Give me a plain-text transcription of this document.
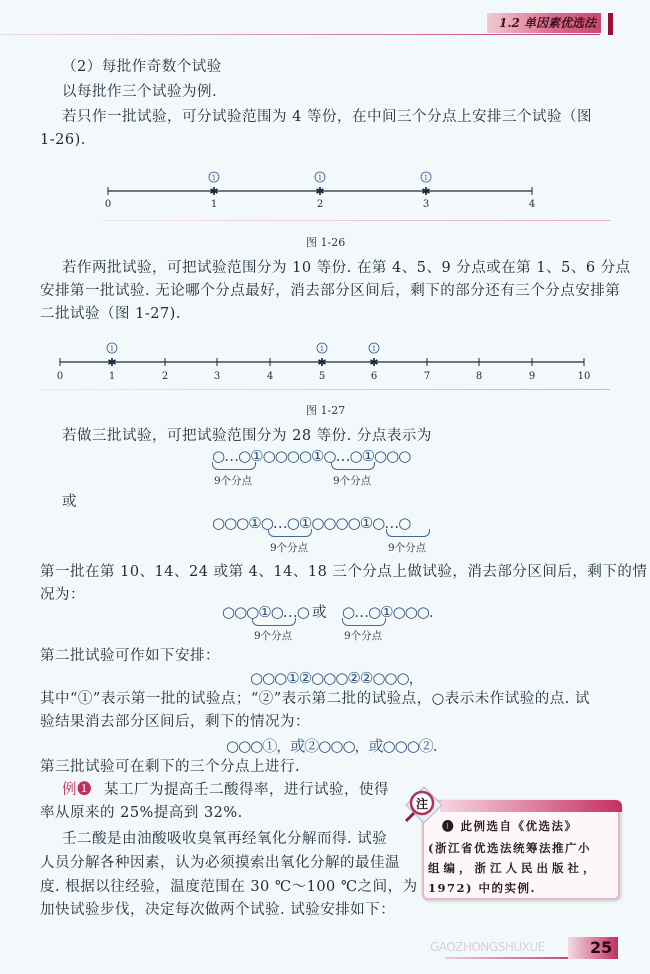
1.2 单因素优选法
（2）每批作奇数个试验
以每批作三个试验为例.
若只作一批试验，可分试验范围为 4 等份，在中间三个分点上安排三个试验（图
1-26).
0	1	2	3	4
✱	✱	✱
1	1	1
图 1-26
若作两批试验，可把试验范围分为 10 等份. 在第 4、5、9 分点或在第 1、5、6 分点
安排第一批试验. 无论哪个分点最好，消去部分区间后，剩下的部分还有三个分点安排第
二批试验（图 1-27).
0	1	2	3	4	5	6	7	8	9	10
✱	✱	✱
1	1	1
图 1-27
若做三批试验，可把试验范围分为 28 等份. 分点表示为
○…○①○○○○①○…○①○○○
9个分点	9个分点
或
○○○①○…○①○○○○①○…○
9个分点	9个分点
第一批在第 10、14、24 或第 4、14、18 三个分点上做试验，消去部分区间后，剩下的情
况为：
○○○①○…○ 或 ○…○①○○○.
9个分点	9个分点
第二批试验可作如下安排：
○○○①②○○○②②○○○，
其中“①”表示第一批的试验点；“②”表示第二批的试验点，○表示未作试验的点. 试
验结果消去部分区间后，剩下的情况为：
○○○①，或②○○○，或○○○②.
第三批试验可在剩下的三个分点上进行.
例❶ 某工厂为提高壬二酸得率，进行试验，使得
率从原来的 25%提高到 32%.
壬二酸是由油酸吸收臭氧再经氧化分解而得. 试验
人员分解各种因素，认为必须摸索出氧化分解的最佳温
度. 根据以往经验，温度范围在 30 ℃～100 ℃之间，为
加快试验步伐，决定每次做两个试验. 试验安排如下：
注
❶ 此例选自《优选法》
(浙江省优选法统筹法推广小
组编，浙江人民出版社，
1972) 中的实例.
GAOZHONGSHUXUE	25
